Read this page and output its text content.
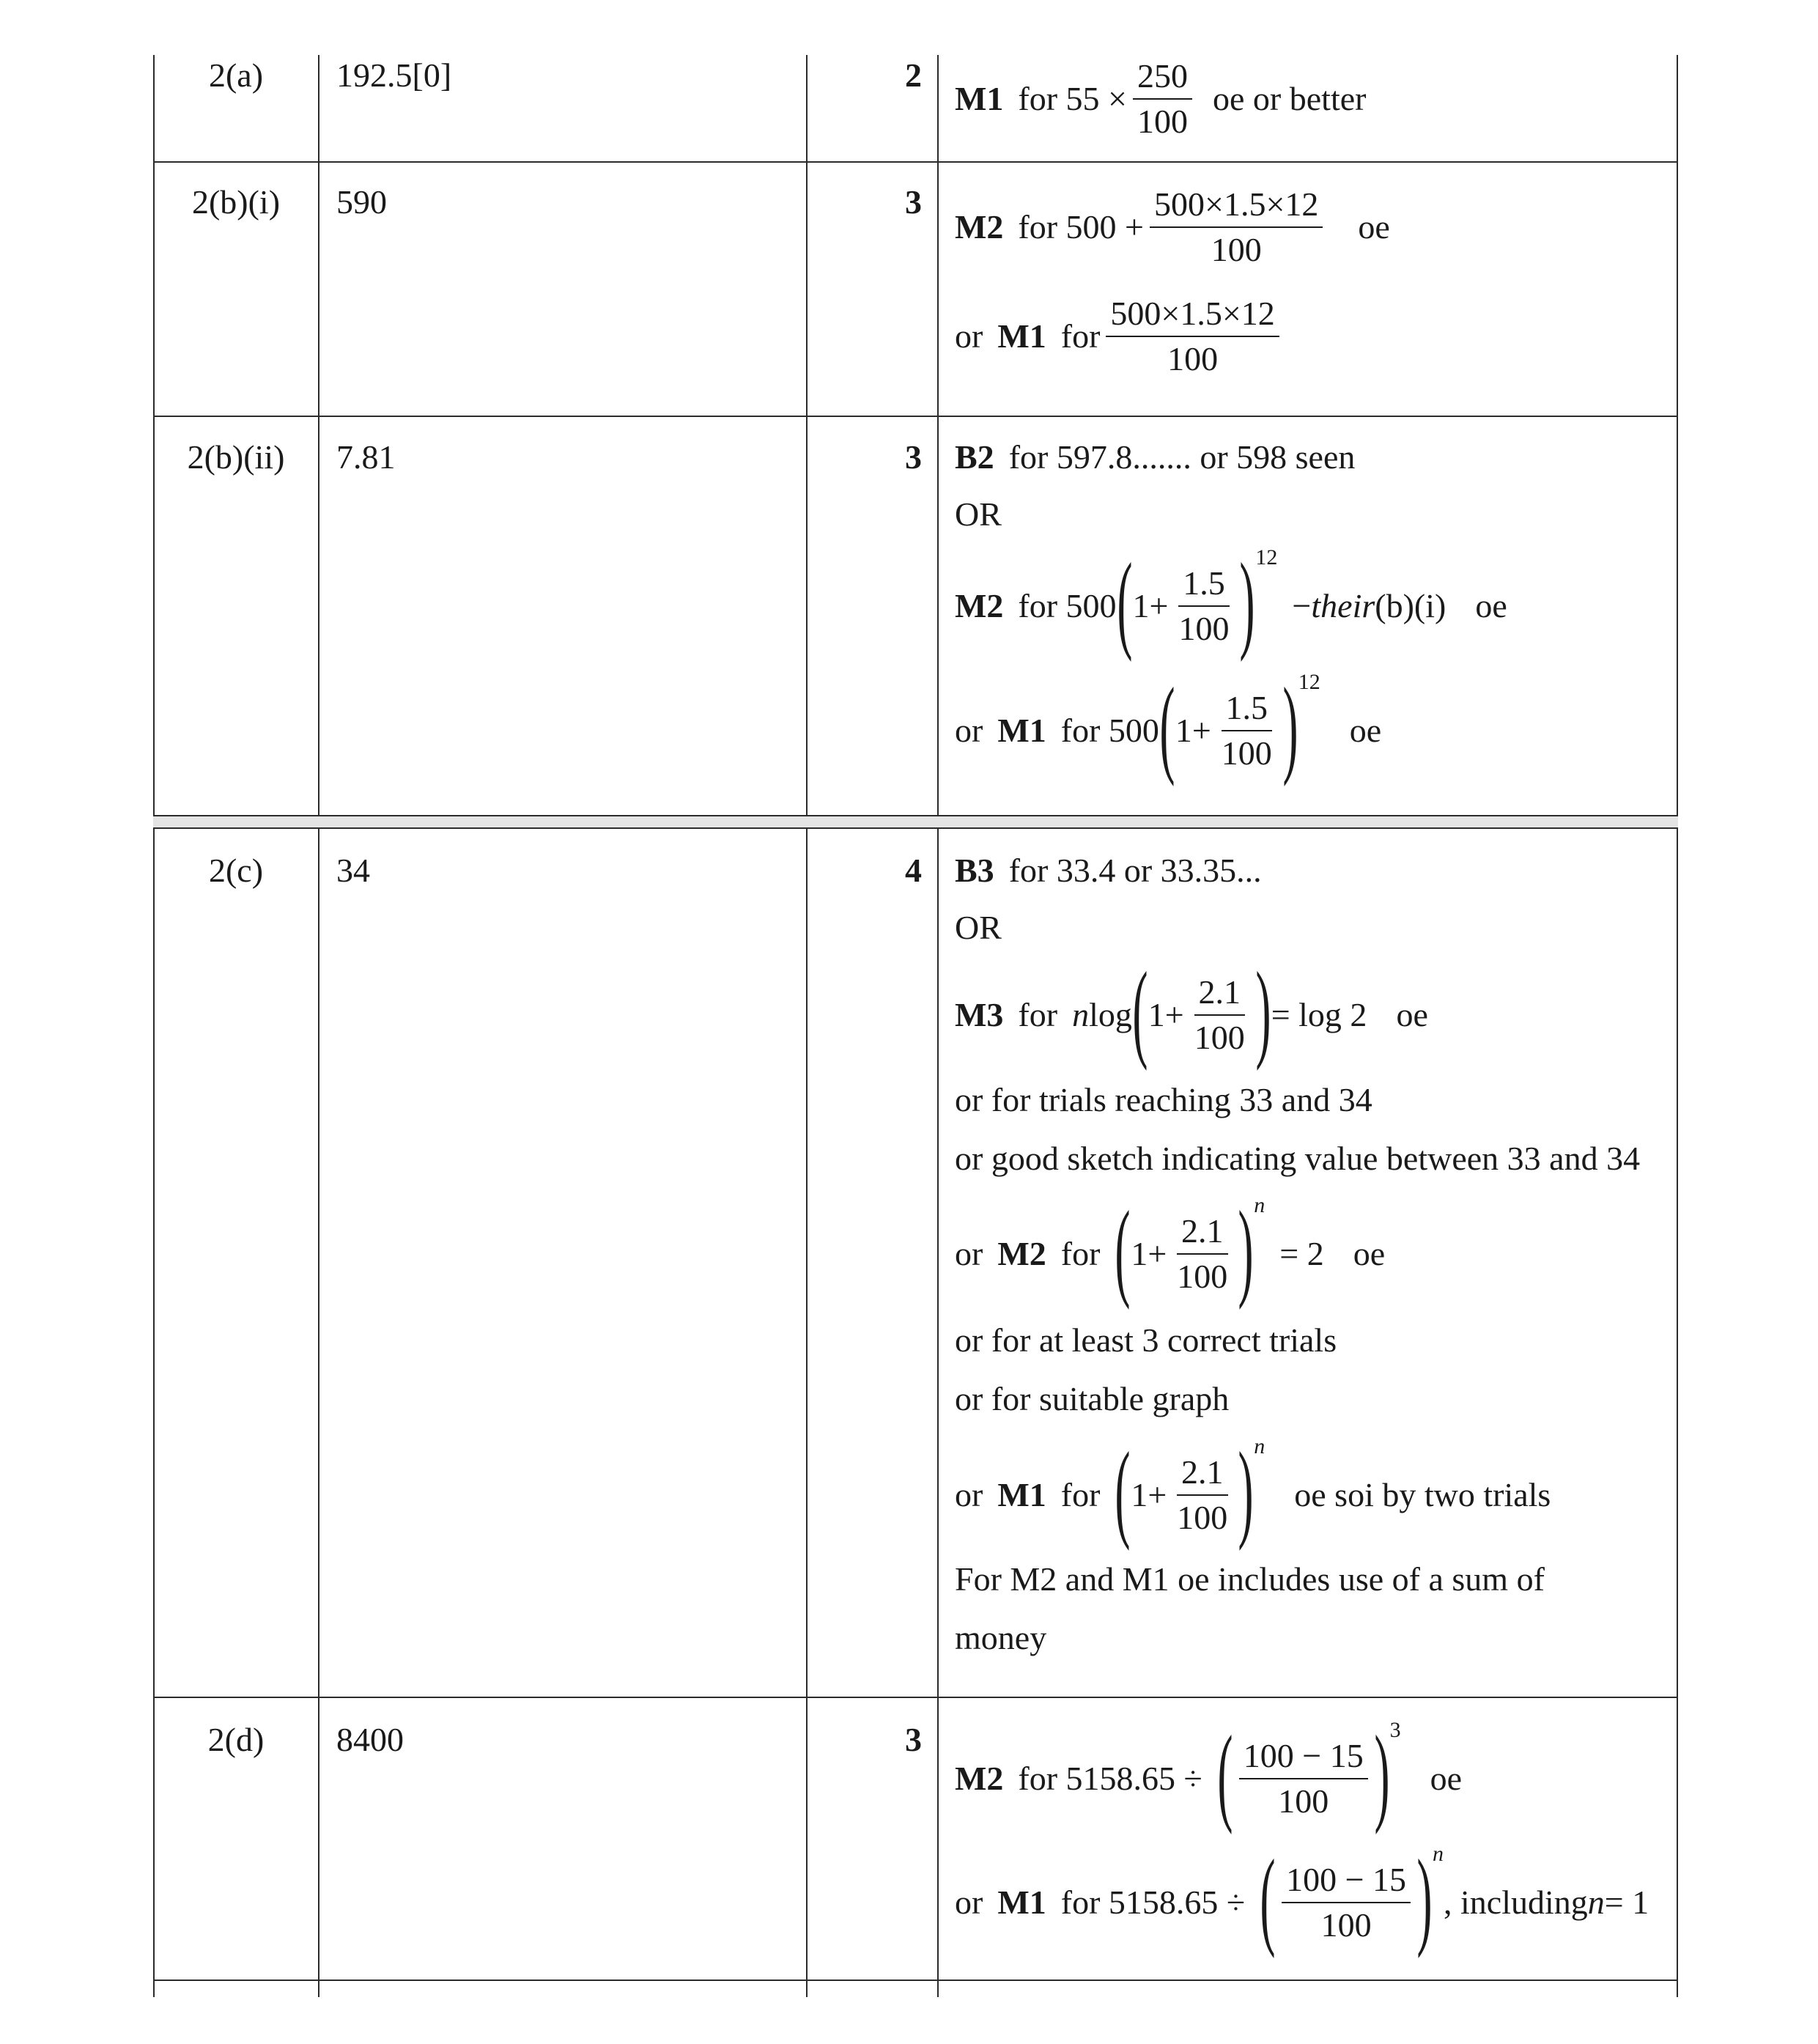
2(a)	192.5[0]	2
M1 for $55 \times \frac{250}{100}$ oe or better
2(b)(i)	590	3
M2 for $500 + \frac{500\times 1.5\times 12}{100}$ oe
or M1 for $\frac{500\times 1.5\times 12}{100}$
2(b)(ii)	7.81	3 B2 for 597.8....... or 598 seen
OR
M2 for 500 ( $1+ \frac{1.5}{100}$ ) 12
− their (b)(i) oe
or M1 for 500 ( $1+ \frac{1.5}{100}$ ) 12
oe
2(c)	34	4 B3 for 33.4 or 33.35...
OR
M3 for n log ( $1+ \frac{2.1}{100}$ ) = log 2 oe
or for trials reaching 33 and 34
or good sketch indicating value between 33 and 34
or M2 for ( $1+ \frac{2.1}{100}$ ) n
= 2 oe
or for at least 3 correct trials
or for suitable graph
or M1 for ( $1+ \frac{2.1}{100}$ ) n
oe soi by two trials
For M2 and M1 oe includes use of a sum of
money
2(d)	8400	3
M2 for 5158.65 ÷ ( $\frac{100 - 15}{100}$ ) 3
oe
or M1 for 5158.65 ÷ ( $\frac{100 - 15}{100}$ ) n
, including n = 1
